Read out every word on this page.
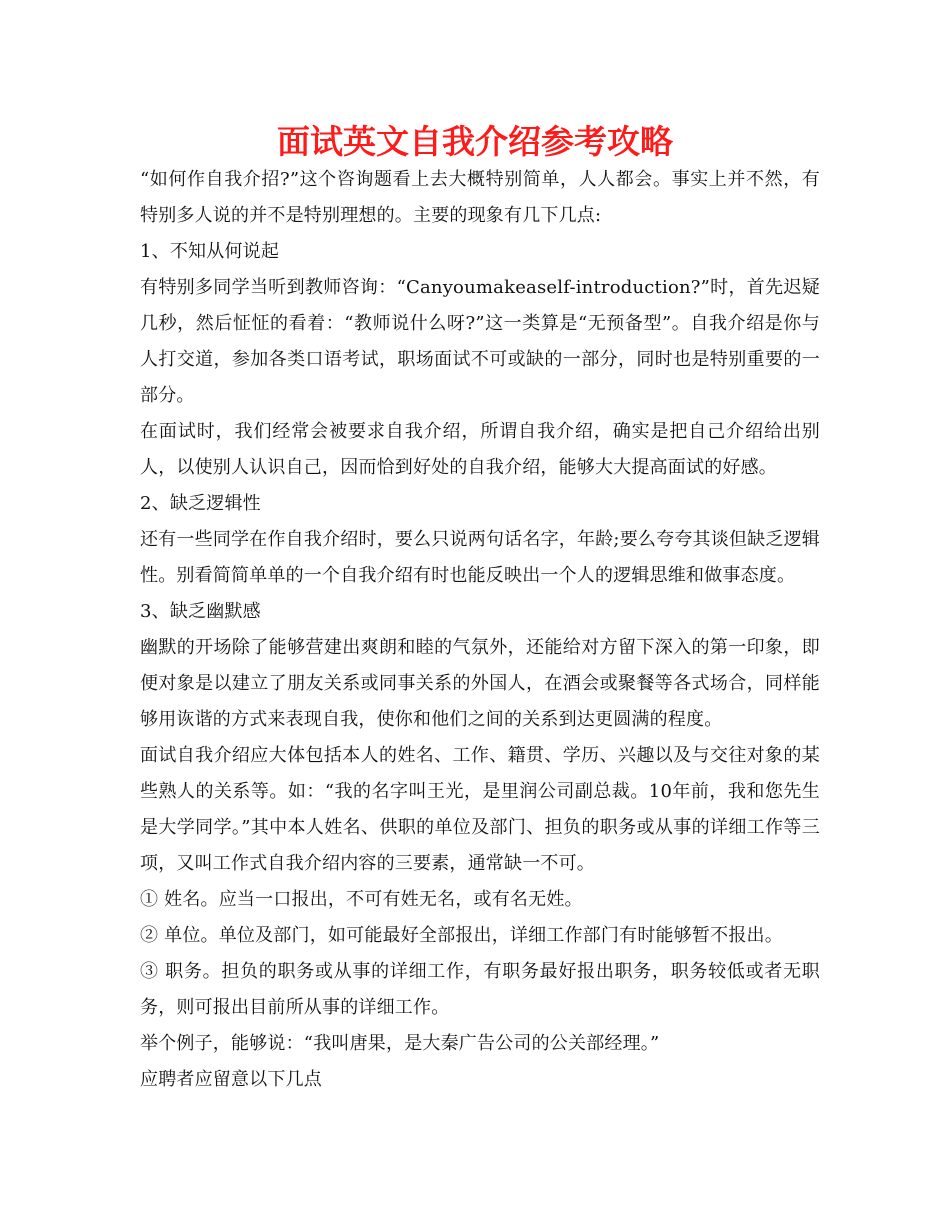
面试英文自我介绍参考攻略

“如何作自我介招?”这个咨询题看上去大概特别简单，人人都会。事实上并不然，有特别多人说的并不是特别理想的。主要的现象有几下几点:

1、不知从何说起

有特别多同学当听到教师咨询：“Canyoumakeaself-introduction?”时，首先迟疑几秒，然后怔怔的看着：“教师说什么呀?”这一类算是“无预备型”。自我介绍是你与人打交道，参加各类口语考试，职场面试不可或缺的一部分，同时也是特别重要的一部分。

在面试时，我们经常会被要求自我介绍，所谓自我介绍，确实是把自己介绍给出别人，以使别人认识自己，因而恰到好处的自我介绍，能够大大提高面试的好感。

2、缺乏逻辑性

还有一些同学在作自我介绍时，要么只说两句话名字，年龄;要么夸夸其谈但缺乏逻辑性。别看简简单单的一个自我介绍有时也能反映出一个人的逻辑思维和做事态度。

3、缺乏幽默感

幽默的开场除了能够营建出爽朗和睦的气氛外，还能给对方留下深入的第一印象，即便对象是以建立了朋友关系或同事关系的外国人，在酒会或聚餐等各式场合，同样能够用诙谐的方式来表现自我，使你和他们之间的关系到达更圆满的程度。

面试自我介绍应大体包括本人的姓名、工作、籍贯、学历、兴趣以及与交往对象的某些熟人的关系等。如：“我的名字叫王光，是里润公司副总裁。10年前，我和您先生是大学同学。”其中本人姓名、供职的单位及部门、担负的职务或从事的详细工作等三项，又叫工作式自我介绍内容的三要素，通常缺一不可。

① 姓名。应当一口报出，不可有姓无名，或有名无姓。

② 单位。单位及部门，如可能最好全部报出，详细工作部门有时能够暂不报出。

③ 职务。担负的职务或从事的详细工作，有职务最好报出职务，职务较低或者无职务，则可报出目前所从事的详细工作。

举个例子，能够说：“我叫唐果，是大秦广告公司的公关部经理。”

应聘者应留意以下几点
